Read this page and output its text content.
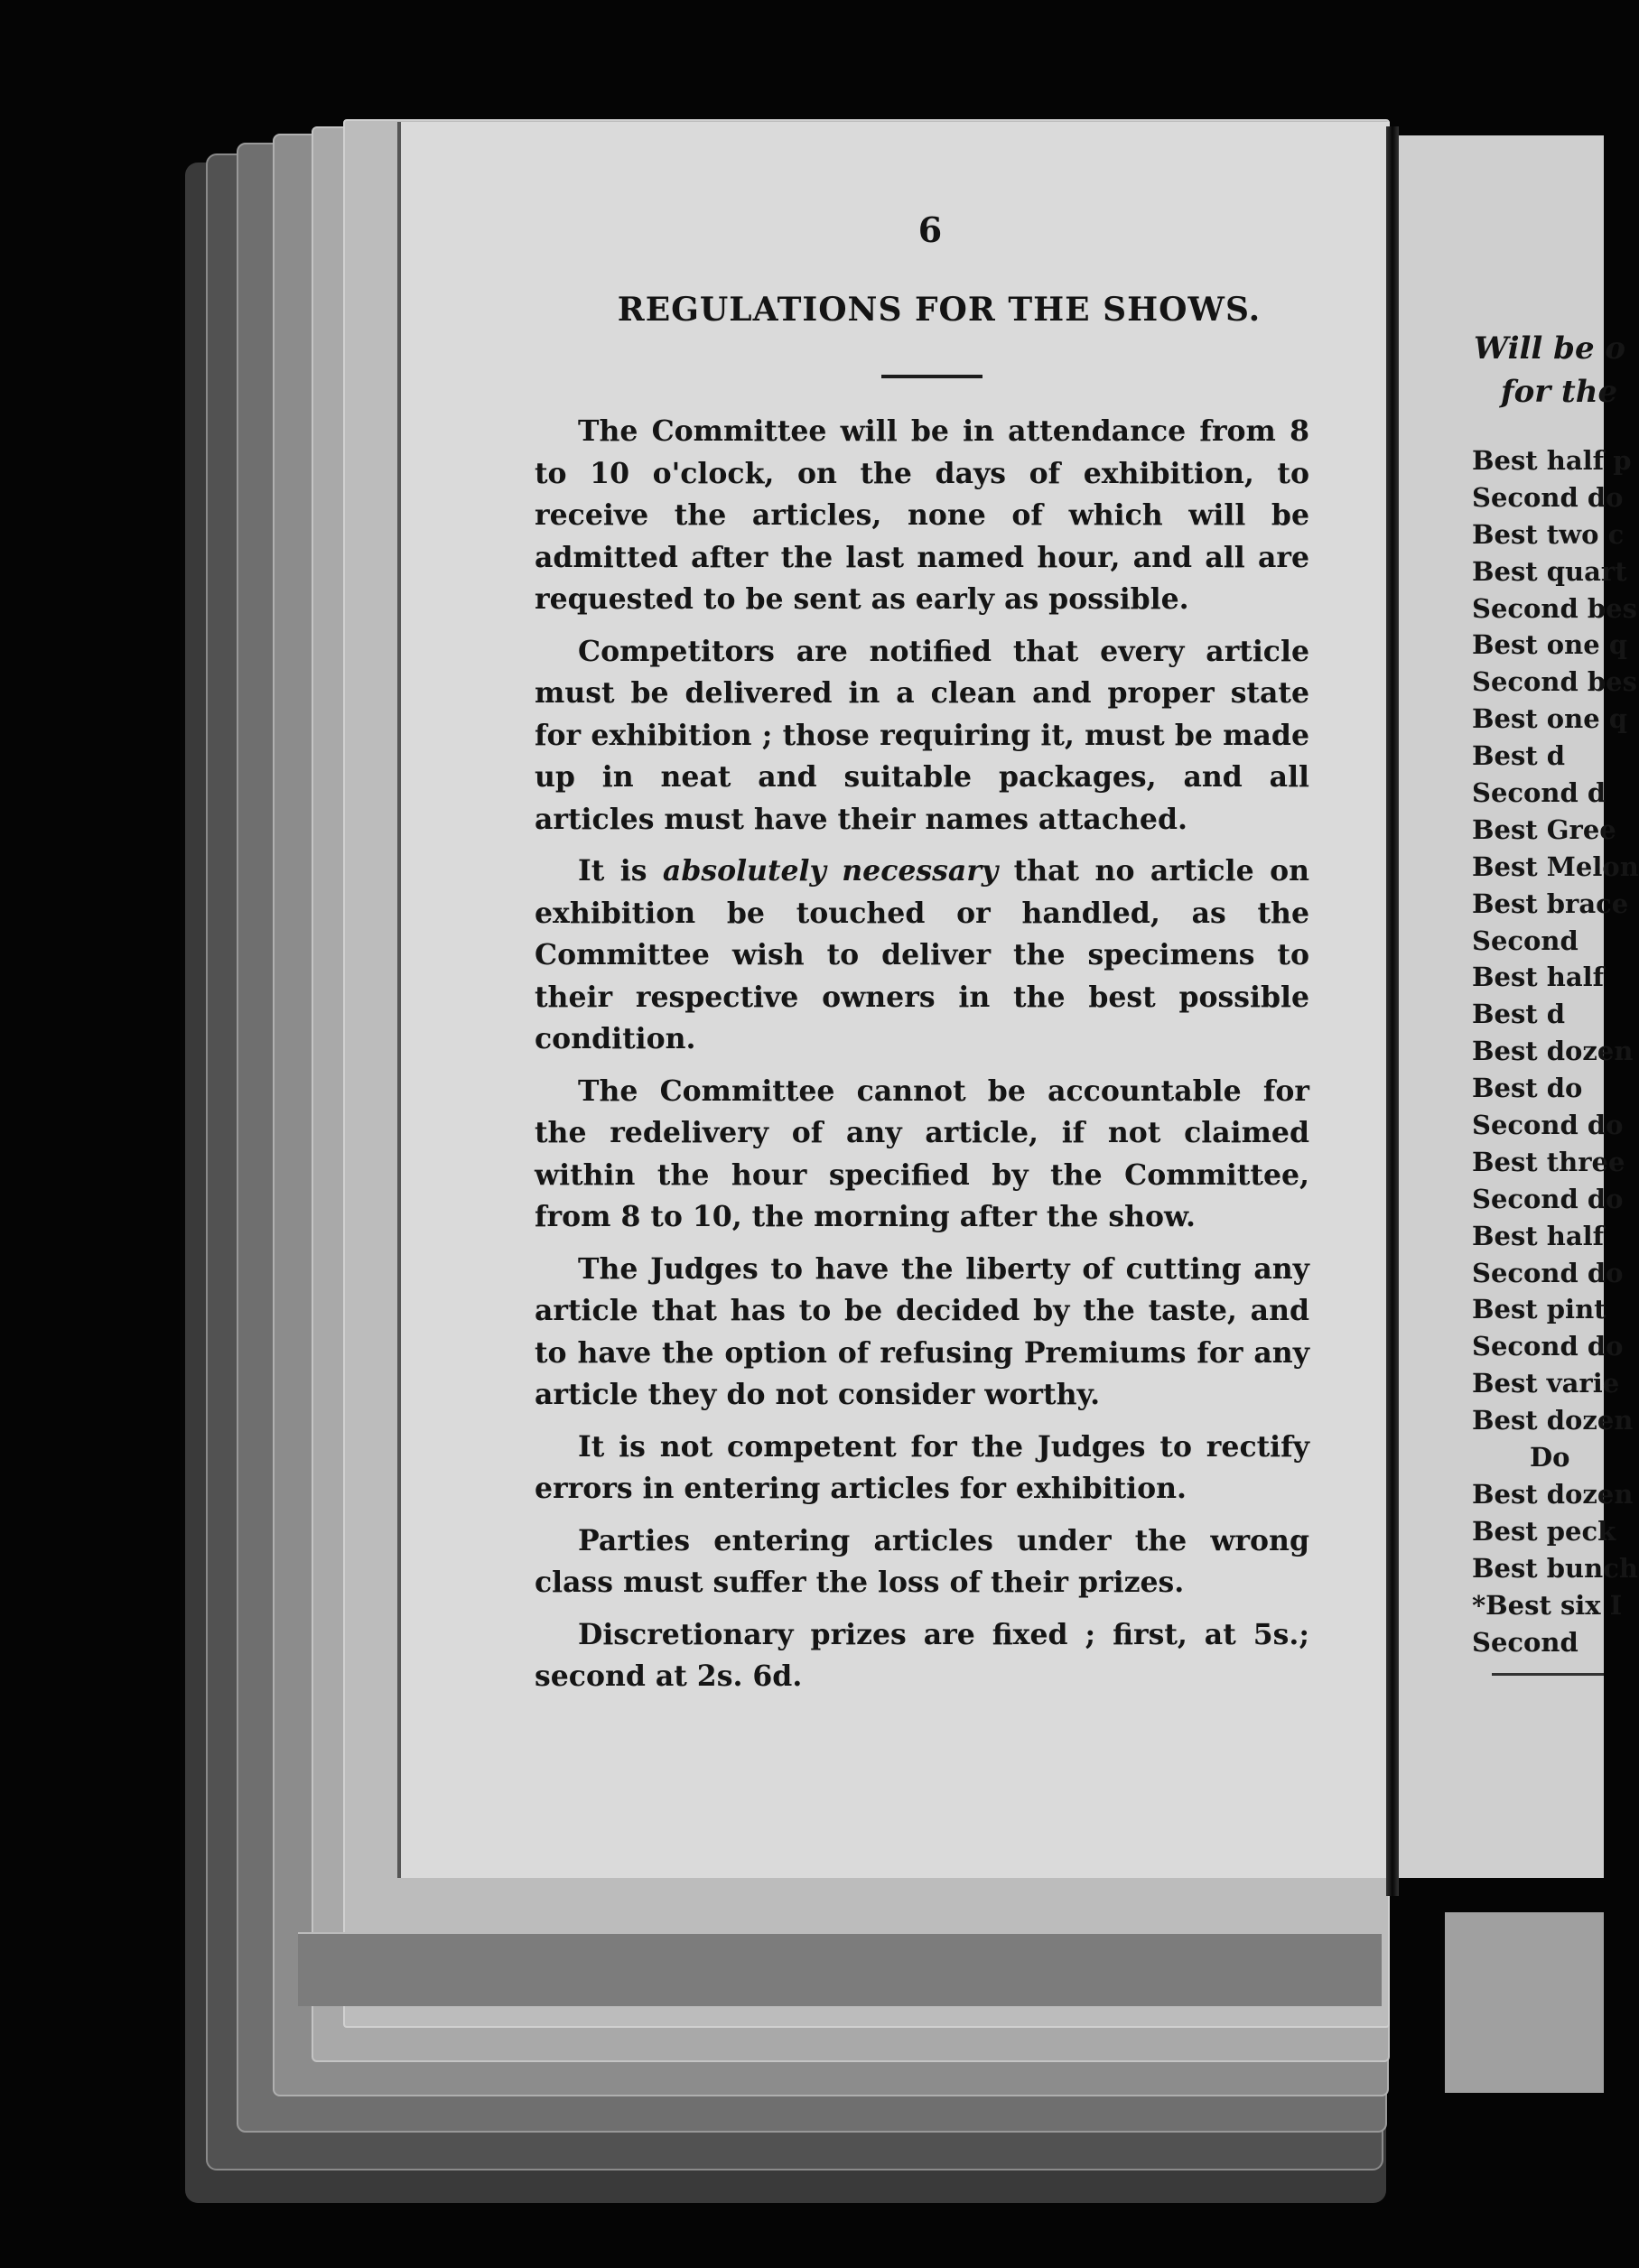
6
REGULATIONS FOR THE SHOWS.

The Committee will be in attendance from 8 to 10 o'clock, on the days of exhibition, to receive the articles, none of which will be admitted after the last named hour, and all are requested to be sent as early as possible.

Competitors are notified that every article must be delivered in a clean and proper state for exhibition ; those requiring it, must be made up in neat and suitable packages, and all articles must have their names attached.

It is absolutely necessary that no article on exhibition be touched or handled, as the Committee wish to deliver the specimens to their respective owners in the best possible condition.

The Committee cannot be accountable for the redelivery of any article, if not claimed within the hour specified by the Committee, from 8 to 10, the morning after the show.

The Judges to have the liberty of cutting any article that has to be decided by the taste, and to have the option of refusing Premiums for any article they do not consider worthy.

It is not competent for the Judges to rectify errors in entering articles for exhibition.

Parties entering articles under the wrong class must suffer the loss of their prizes.

Discretionary prizes are fixed ; first, at 5s.; second at 2s. 6d.

Will be o
for the
Best half p
Second do
Best two c
Best quart
Second bes
Best one q
Second bes
Best one q
Best d
Second d
Best Gree
Best Melon
Best brace
Second
Best half
Best d
Best dozen
Best do
Second do
Best three
Second do
Best half
Second do
Best pint
Second do
Best varie
Best dozen
Do
Best dozen
Best peck
Best bunch
*Best six I
Second
